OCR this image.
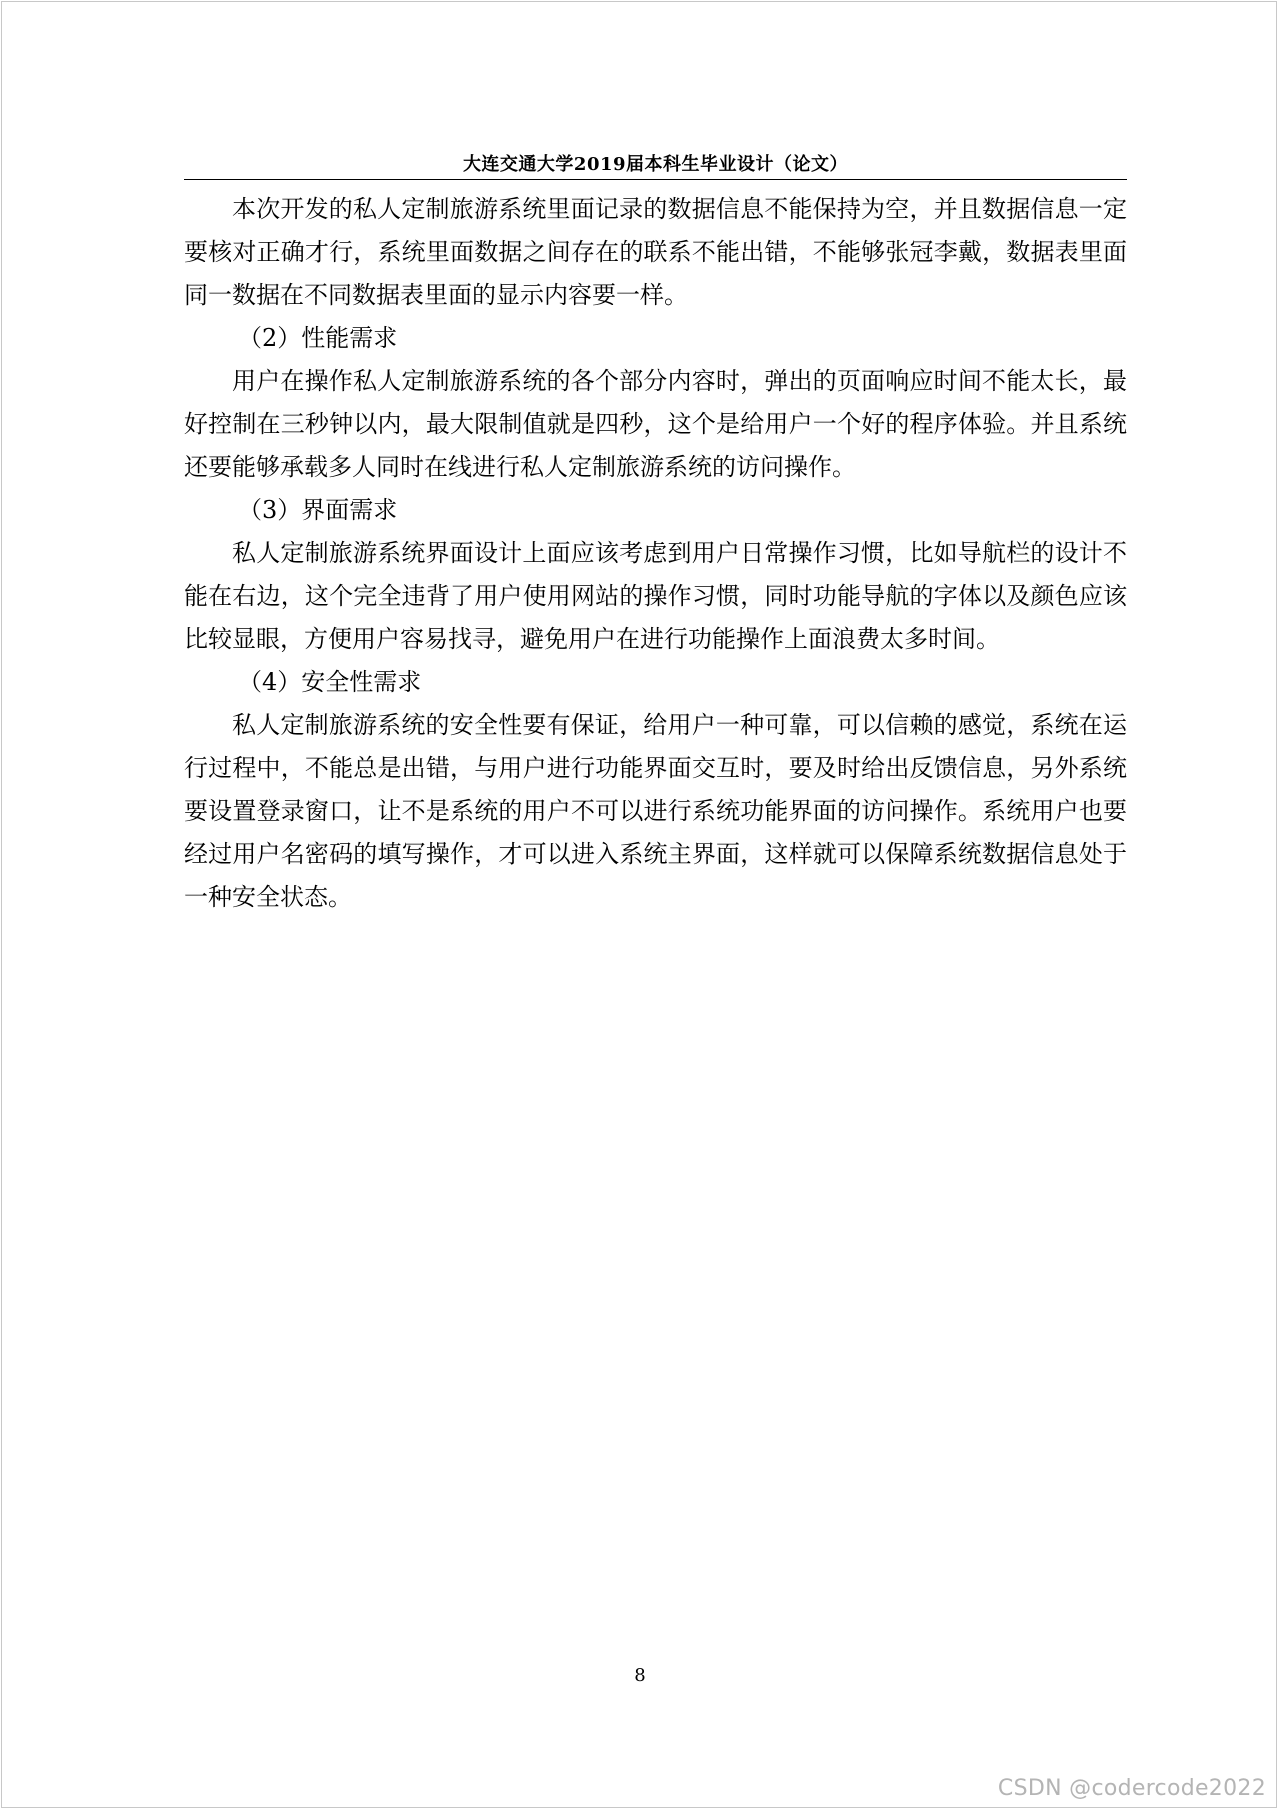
大连交通大学2019届本科生毕业设计（论文）

本次开发的私人定制旅游系统里面记录的数据信息不能保持为空，并且数据信息一定要核对正确才行，系统里面数据之间存在的联系不能出错，不能够张冠李戴，数据表里面同一数据在不同数据表里面的显示内容要一样。

（2）性能需求

用户在操作私人定制旅游系统的各个部分内容时，弹出的页面响应时间不能太长，最好控制在三秒钟以内，最大限制值就是四秒，这个是给用户一个好的程序体验。并且系统还要能够承载多人同时在线进行私人定制旅游系统的访问操作。

（3）界面需求

私人定制旅游系统界面设计上面应该考虑到用户日常操作习惯，比如导航栏的设计不能在右边，这个完全违背了用户使用网站的操作习惯，同时功能导航的字体以及颜色应该比较显眼，方便用户容易找寻，避免用户在进行功能操作上面浪费太多时间。

（4）安全性需求

私人定制旅游系统的安全性要有保证，给用户一种可靠，可以信赖的感觉，系统在运行过程中，不能总是出错，与用户进行功能界面交互时，要及时给出反馈信息，另外系统要设置登录窗口，让不是系统的用户不可以进行系统功能界面的访问操作。系统用户也要经过用户名密码的填写操作，才可以进入系统主界面，这样就可以保障系统数据信息处于一种安全状态。

8
CSDN @codercode2022
